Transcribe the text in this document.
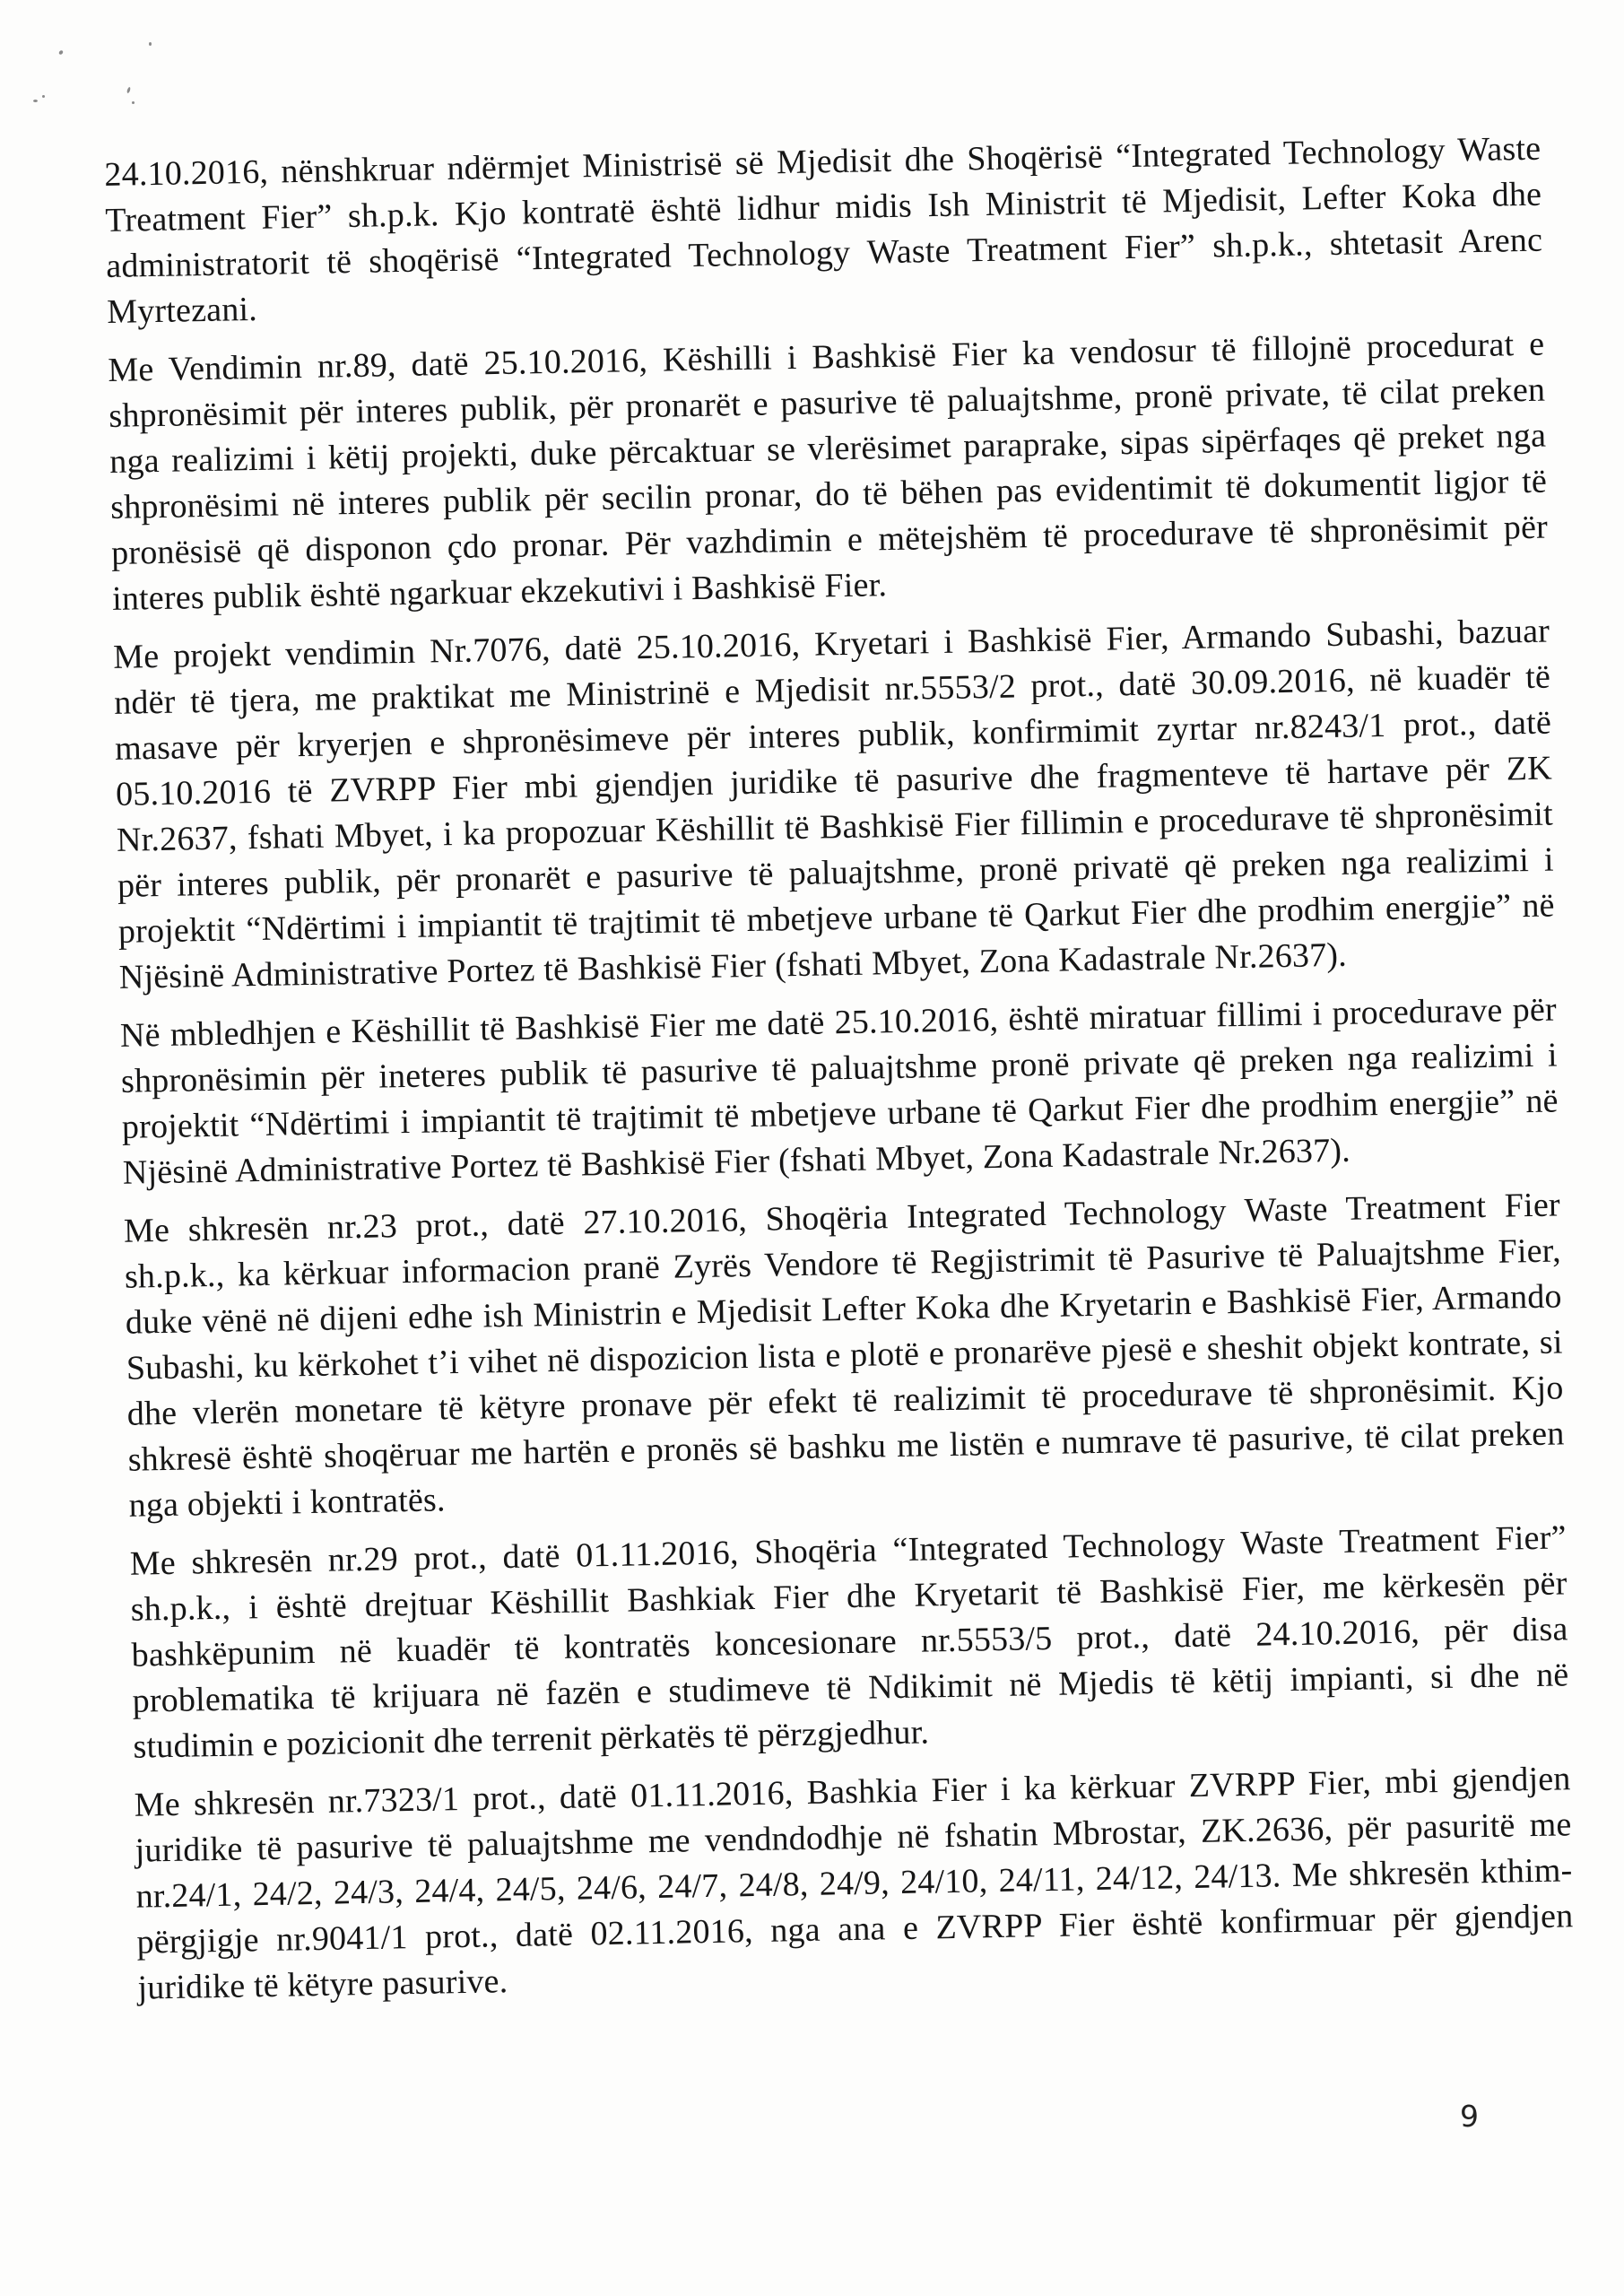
24.10.2016, nënshkruar ndërmjet Ministrisë së Mjedisit dhe Shoqërisë “Integrated Technology Waste Treatment Fier” sh.p.k. Kjo kontratë është lidhur midis Ish Ministrit të Mjedisit, Lefter Koka dhe administratorit të shoqërisë “Integrated Technology Waste Treatment Fier” sh.p.k., shtetasit Arenc Myrtezani.

Me Vendimin nr.89, datë 25.10.2016, Këshilli i Bashkisë Fier ka vendosur të fillojnë procedurat e shpronësimit për interes publik, për pronarët e pasurive të paluajtshme, pronë private, të cilat preken nga realizimi i këtij projekti, duke përcaktuar se vlerësimet paraprake, sipas sipërfaqes që preket nga shpronësimi në interes publik për secilin pronar, do të bëhen pas evidentimit të dokumentit ligjor të pronësisë që disponon çdo pronar. Për vazhdimin e mëtejshëm të procedurave të shpronësimit për interes publik është ngarkuar ekzekutivi i Bashkisë Fier.

Me projekt vendimin Nr.7076, datë 25.10.2016, Kryetari i Bashkisë Fier, Armando Subashi, bazuar ndër të tjera, me praktikat me Ministrinë e Mjedisit nr.5553/2 prot., datë 30.09.2016, në kuadër të masave për kryerjen e shpronësimeve për interes publik, konfirmimit zyrtar nr.8243/1 prot., datë 05.10.2016 të ZVRPP Fier mbi gjendjen juridike të pasurive dhe fragmenteve të hartave për ZK Nr.2637, fshati Mbyet, i ka propozuar Këshillit të Bashkisë Fier fillimin e procedurave të shpronësimit për interes publik, për pronarët e pasurive të paluajtshme, pronë privatë që preken nga realizimi i projektit “Ndërtimi i impiantit të trajtimit të mbetjeve urbane të Qarkut Fier dhe prodhim energjie” në Njësinë Administrative Portez të Bashkisë Fier (fshati Mbyet, Zona Kadastrale Nr.2637).

Në mbledhjen e Këshillit të Bashkisë Fier me datë 25.10.2016, është miratuar fillimi i procedurave për shpronësimin për ineteres publik të pasurive të paluajtshme pronë private që preken nga realizimi i projektit “Ndërtimi i impiantit të trajtimit të mbetjeve urbane të Qarkut Fier dhe prodhim energjie” në Njësinë Administrative Portez të Bashkisë Fier (fshati Mbyet, Zona Kadastrale Nr.2637).

Me shkresën nr.23 prot., datë 27.10.2016, Shoqëria Integrated Technology Waste Treatment Fier sh.p.k., ka kërkuar informacion pranë Zyrës Vendore të Regjistrimit të Pasurive të Paluajtshme Fier, duke vënë në dijeni edhe ish Ministrin e Mjedisit Lefter Koka dhe Kryetarin e Bashkisë Fier, Armando Subashi, ku kërkohet t’i vihet në dispozicion lista e plotë e pronarëve pjesë e sheshit objekt kontrate, si dhe vlerën monetare të këtyre pronave për efekt të realizimit të procedurave të shpronësimit. Kjo shkresë është shoqëruar me hartën e pronës së bashku me listën e numrave të pasurive, të cilat preken nga objekti i kontratës.

Me shkresën nr.29 prot., datë 01.11.2016, Shoqëria “Integrated Technology Waste Treatment Fier” sh.p.k., i është drejtuar Këshillit Bashkiak Fier dhe Kryetarit të Bashkisë Fier, me kërkesën për bashkëpunim në kuadër të kontratës koncesionare nr.5553/5 prot., datë 24.10.2016, për disa problematika të krijuara në fazën e studimeve të Ndikimit në Mjedis të këtij impianti, si dhe në studimin e pozicionit dhe terrenit përkatës të përzgjedhur.

Me shkresën nr.7323/1 prot., datë 01.11.2016, Bashkia Fier i ka kërkuar ZVRPP Fier, mbi gjendjen juridike të pasurive të paluajtshme me vendndodhje në fshatin Mbrostar, ZK.2636, për pasuritë me nr.24/1, 24/2, 24/3, 24/4, 24/5, 24/6, 24/7, 24/8, 24/9, 24/10, 24/11, 24/12, 24/13. Me shkresën kthim-përgjigje nr.9041/1 prot., datë 02.11.2016, nga ana e ZVRPP Fier është konfirmuar për gjendjen juridike të këtyre pasurive.

9
